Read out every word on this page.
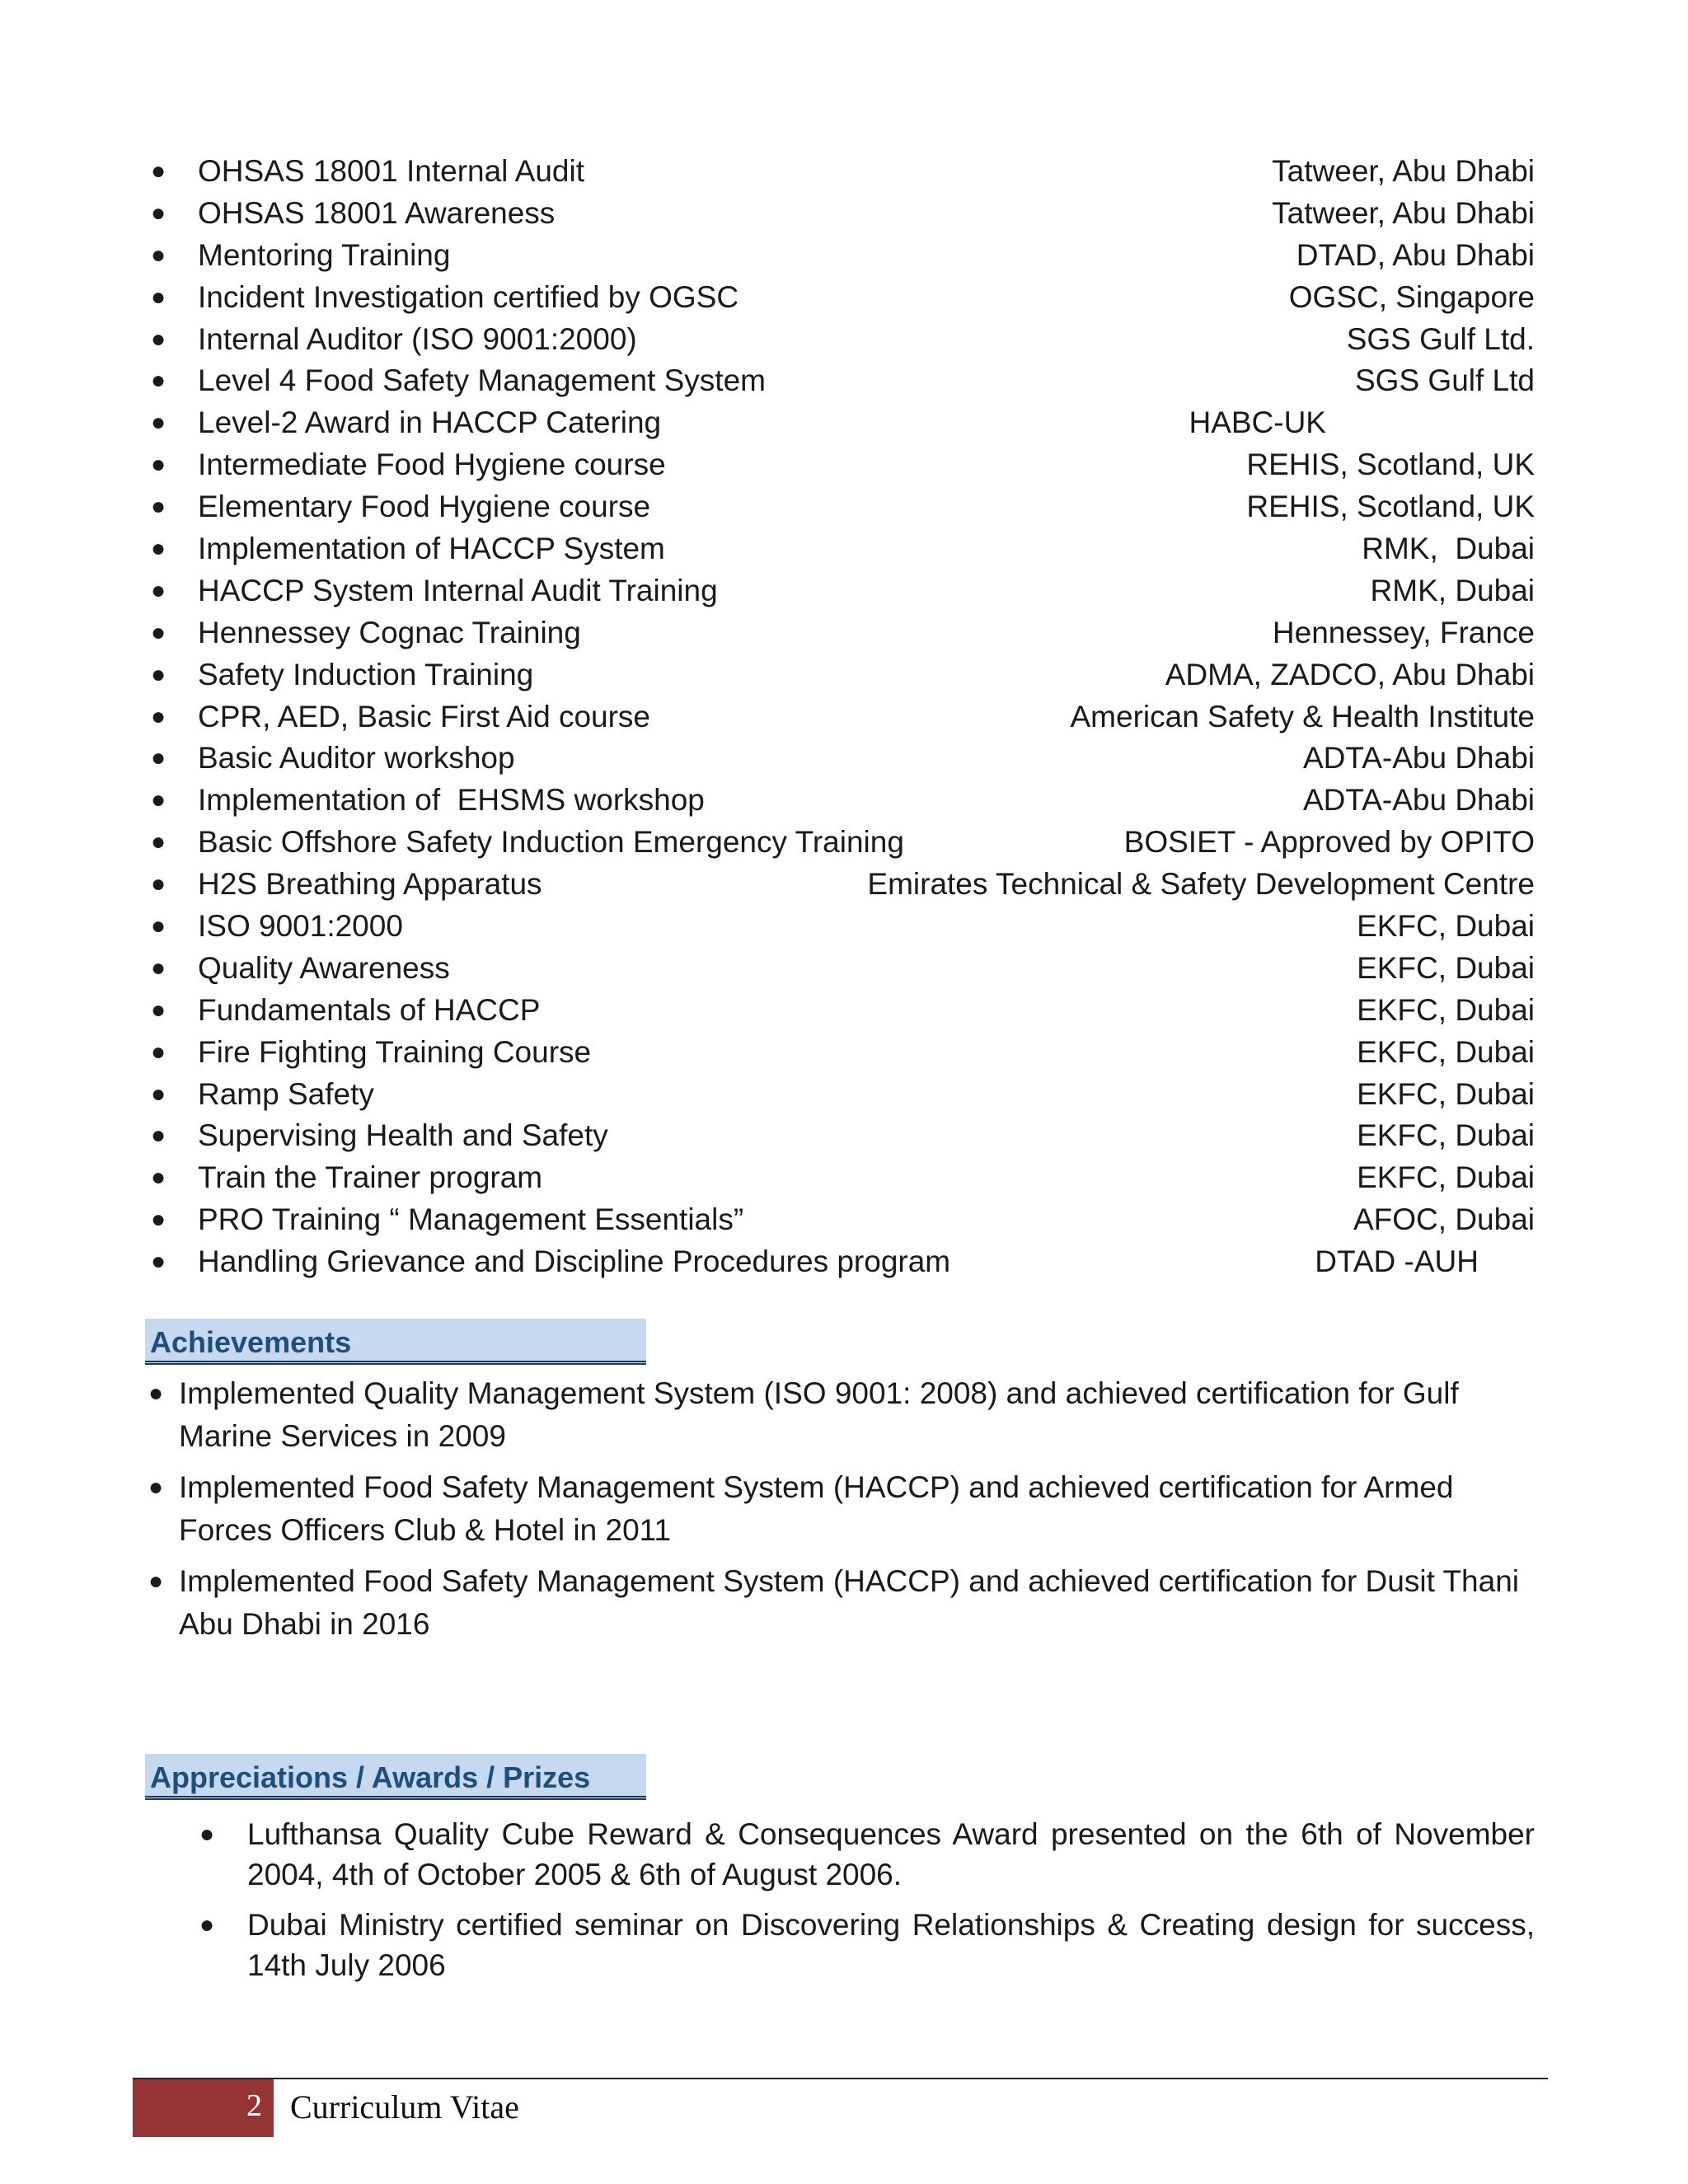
● OHSAS 18001 Internal Audit	Tatweer, Abu Dhabi
● OHSAS 18001 Awareness	Tatweer, Abu Dhabi
● Mentoring Training	DTAD, Abu Dhabi
● Incident Investigation certified by OGSC	OGSC, Singapore
● Internal Auditor (ISO 9001:2000)	SGS Gulf Ltd.
● Level 4 Food Safety Management System	SGS Gulf Ltd
● Level-2 Award in HACCP Catering	HABC-UK
● Intermediate Food Hygiene course	REHIS, Scotland, UK
● Elementary Food Hygiene course	REHIS, Scotland, UK
● Implementation of HACCP System	RMK,  Dubai
● HACCP System Internal Audit Training	RMK, Dubai
● Hennessey Cognac Training	Hennessey, France
● Safety Induction Training	ADMA, ZADCO, Abu Dhabi
● CPR, AED, Basic First Aid course	American Safety & Health Institute
● Basic Auditor workshop	ADTA-Abu Dhabi
● Implementation of  EHSMS workshop	ADTA-Abu Dhabi
● Basic Offshore Safety Induction Emergency Training	BOSIET - Approved by OPITO
● H2S Breathing Apparatus	Emirates Technical & Safety Development Centre
● ISO 9001:2000	EKFC, Dubai
● Quality Awareness	EKFC, Dubai
● Fundamentals of HACCP	EKFC, Dubai
● Fire Fighting Training Course	EKFC, Dubai
● Ramp Safety	EKFC, Dubai
● Supervising Health and Safety	EKFC, Dubai
● Train the Trainer program	EKFC, Dubai
● PRO Training “ Management Essentials”	AFOC, Dubai
● Handling Grievance and Discipline Procedures program	DTAD -AUH
Achievements
● Implemented Quality Management System (ISO 9001: 2008) and achieved certification for Gulf Marine Services in 2009
● Implemented Food Safety Management System (HACCP) and achieved certification for Armed Forces Officers Club & Hotel in 2011
● Implemented Food Safety Management System (HACCP) and achieved certification for Dusit Thani Abu Dhabi in 2016
Appreciations / Awards / Prizes
● Lufthansa Quality Cube Reward & Consequences Award presented on the 6th of November 2004, 4th of October 2005 & 6th of August 2006.
● Dubai Ministry certified seminar on Discovering Relationships & Creating design for success, 14th July 2006
2 Curriculum Vitae
